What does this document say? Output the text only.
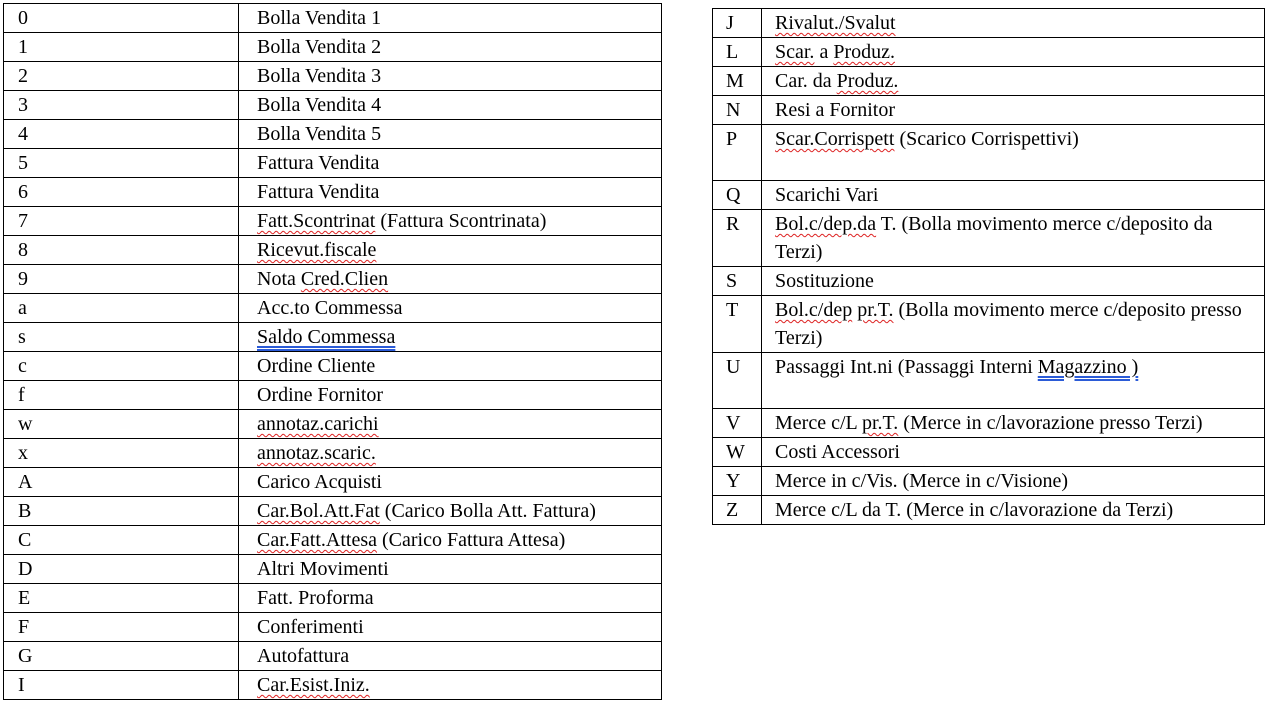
0	Bolla Vendita 1
1	Bolla Vendita 2
2	Bolla Vendita 3
3	Bolla Vendita 4
4	Bolla Vendita 5
5	Fattura Vendita
6	Fattura Vendita
7	Fatt.Scontrinat (Fattura Scontrinata)
8	Ricevut.fiscale
9	Nota Cred.Clien
a	Acc.to Commessa
s	Saldo Commessa
c	Ordine Cliente
f	Ordine Fornitor
w	annotaz.carichi
x	annotaz.scaric.
A	Carico Acquisti
B	Car.Bol.Att.Fat (Carico Bolla Att. Fattura)
C	Car.Fatt.Attesa (Carico Fattura Attesa)
D	Altri Movimenti
E	Fatt. Proforma
F	Conferimenti
G	Autofattura
I	Car.Esist.Iniz.
J	Rivalut./Svalut
L	Scar. a Produz.
M	Car. da Produz.
N	Resi a Fornitor
P	Scar.Corrispett (Scarico Corrispettivi)
Q	Scarichi Vari
R	Bol.c/dep.da T. (Bolla movimento merce c/deposito da Terzi)
S	Sostituzione
T	Bol.c/dep pr.T. (Bolla movimento merce c/deposito presso Terzi)
U	Passaggi Int.ni (Passaggi Interni Magazzino )
V	Merce c/L pr.T. (Merce in c/lavorazione presso Terzi)
W	Costi Accessori
Y	Merce in c/Vis. (Merce in c/Visione)
Z	Merce c/L da T. (Merce in c/lavorazione da Terzi)
